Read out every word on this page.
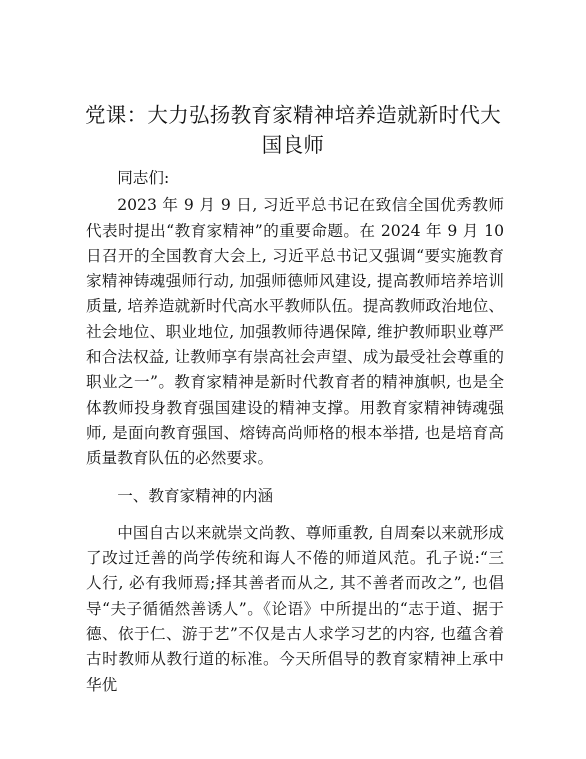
党课：大力弘扬教育家精神培养造就新时代大国良师

同志们:

2023 年 9 月 9 日, 习近平总书记在致信全国优秀教师代表时提出“教育家精神”的重要命题。在 2024 年 9 月 10 日召开的全国教育大会上, 习近平总书记又强调“要实施教育家精神铸魂强师行动, 加强师德师风建设, 提高教师培养培训质量, 培养造就新时代高水平教师队伍。提高教师政治地位、社会地位、职业地位, 加强教师待遇保障, 维护教师职业尊严和合法权益, 让教师享有崇高社会声望、成为最受社会尊重的职业之一”。教育家精神是新时代教育者的精神旗帜, 也是全体教师投身教育强国建设的精神支撑。用教育家精神铸魂强师, 是面向教育强国、熔铸高尚师格的根本举措, 也是培育高质量教育队伍的必然要求。

一、教育家精神的内涵

中国自古以来就崇文尚教、尊师重教, 自周秦以来就形成了改过迁善的尚学传统和诲人不倦的师道风范。孔子说:“三人行, 必有我师焉;择其善者而从之, 其不善者而改之”, 也倡导“夫子循循然善诱人”。《论语》中所提出的“志于道、据于德、依于仁、游于艺”不仅是古人求学习艺的内容, 也蕴含着古时教师从教行道的标准。今天所倡导的教育家精神上承中华优
